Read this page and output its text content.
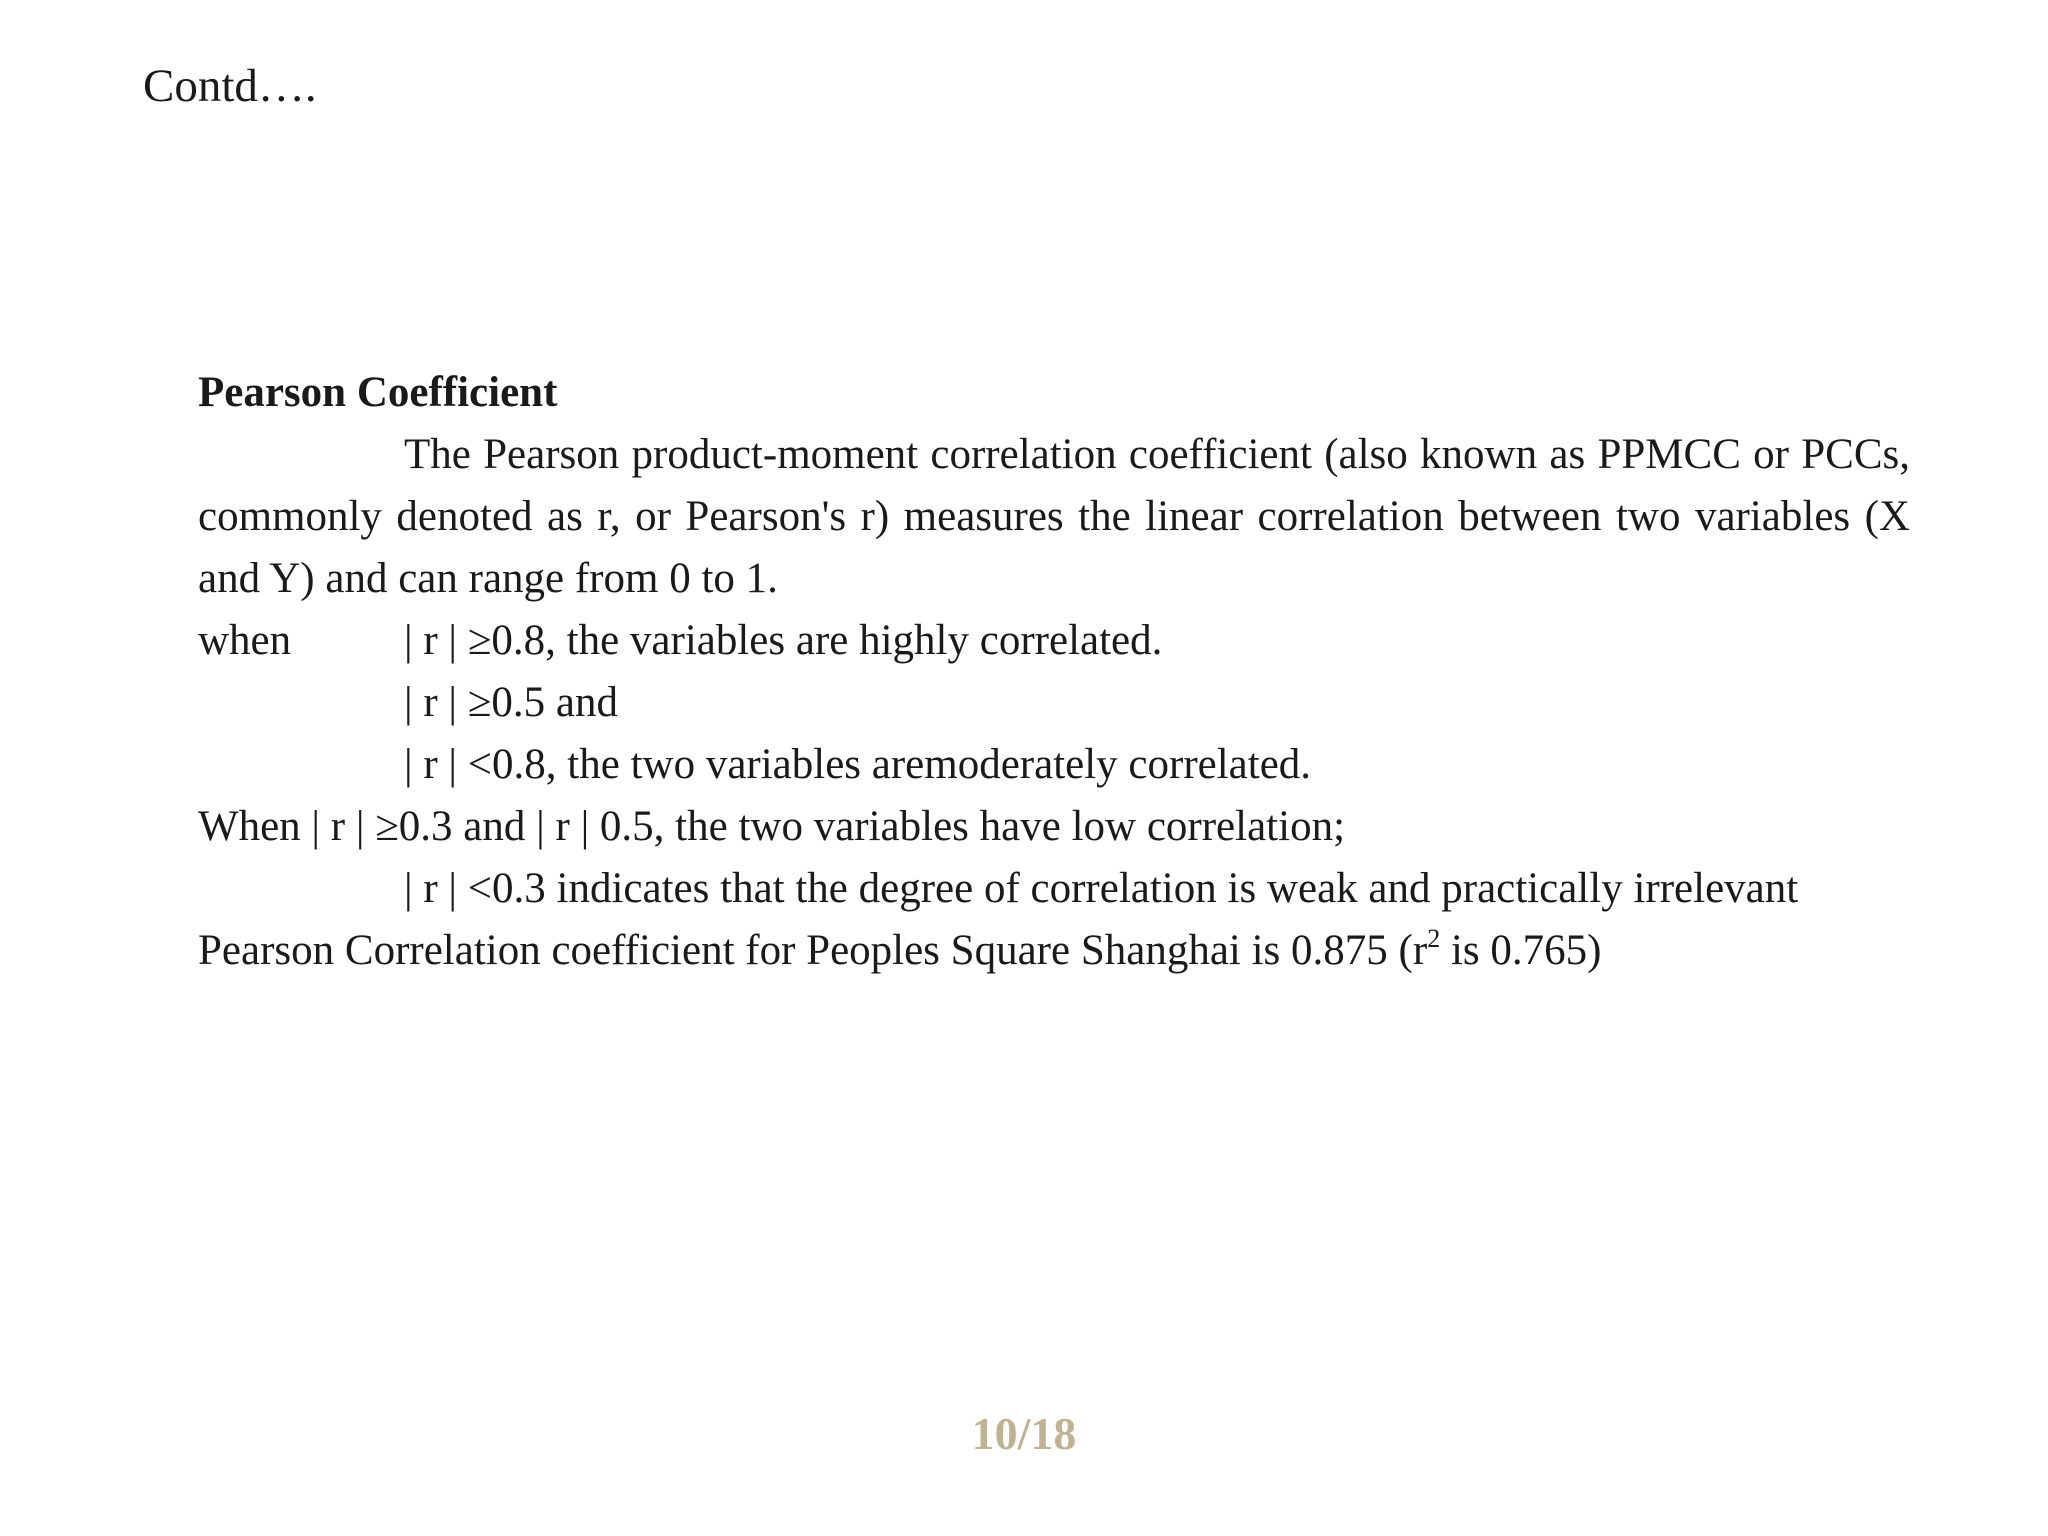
Contd….
Pearson Coefficient
The Pearson product-moment correlation coefficient (also known as PPMCC or PCCs, commonly denoted as r, or Pearson's r) measures the linear correlation between two variables (X and Y) and can range from 0 to 1.
when	| r | ≥0.8, the variables are highly correlated.
| r | ≥0.5 and
| r | <0.8, the two variables aremoderately correlated.
When | r | ≥0.3 and | r | 0.5, the two variables have low correlation;
| r | <0.3 indicates that the degree of correlation is weak and practically irrelevant
Pearson Correlation coefficient for Peoples Square Shanghai is 0.875 ($r^2$ is 0.765)
10/18
